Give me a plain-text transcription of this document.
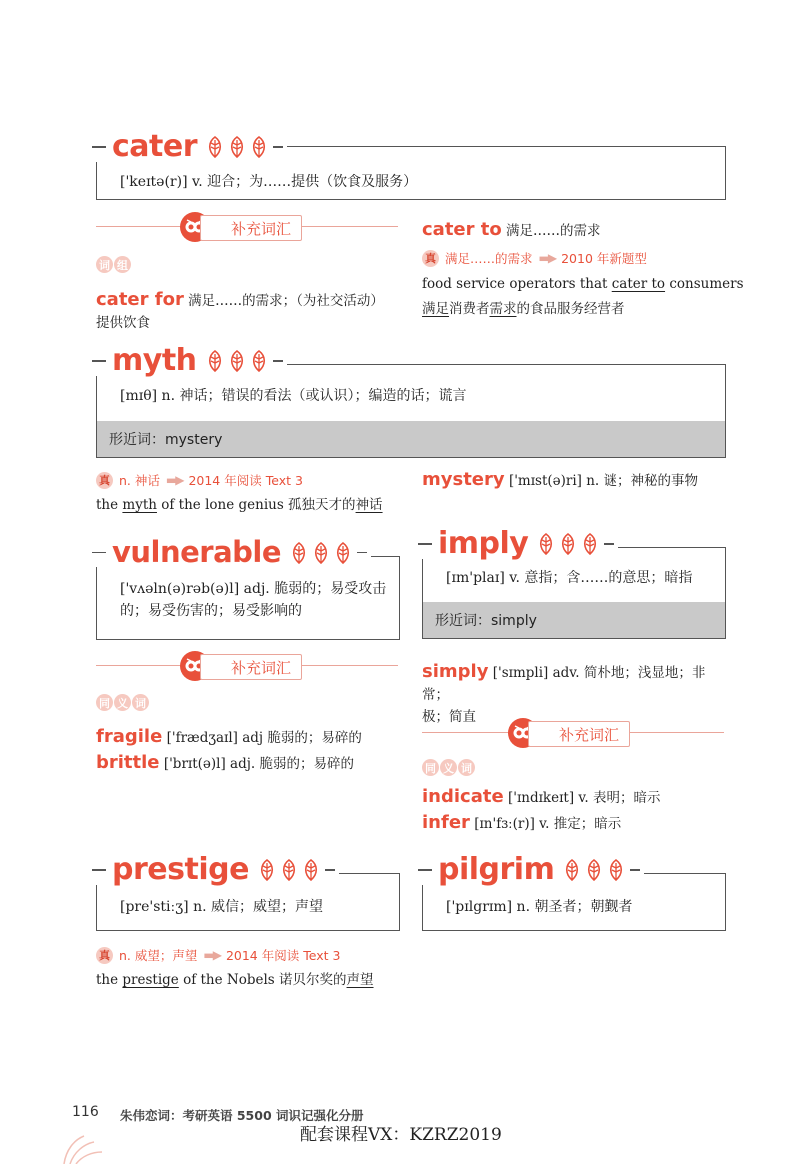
cater
['keɪtə(r)] v. 迎合；为……提供（饮食及服务）
补充词汇
词 组
cater for 满足……的需求；（为社交活动）
提供饮食
cater to 满足……的需求
真 满足……的需求 ▬▶ 2010 年新题型
food service operators that cater to consumers
满足消费者需求的食品服务经营者
形近词：mystery
myth
[mɪθ] n. 神话；错误的看法（或认识）；编造的话；谎言
真 n. 神话 ▬▶ 2014 年阅读 Text 3
the myth of the lone genius 孤独天才的神话
mystery ['mɪst(ə)ri] n. 谜；神秘的事物
vulnerable
['vʌəln(ə)rəb(ə)l] adj. 脆弱的；易受攻击
的；易受伤害的；易受影响的
补充词汇
同 义 词
fragile ['frædʒaɪl] adj 脆弱的；易碎的
brittle ['brɪt(ə)l] adj. 脆弱的；易碎的
形近词：simply
imply
[ɪm'plaɪ] v. 意指；含……的意思；暗指
simply ['sɪmpli] adv. 简朴地；浅显地；非常；
极；简直
补充词汇
同 义 词
indicate ['ɪndɪkeɪt] v. 表明；暗示
infer [ɪn'fɜː(r)] v. 推定；暗示
prestige
[pre'stiːʒ] n. 威信；威望；声望
真 n. 威望；声望 ▬▶ 2014 年阅读 Text 3
the prestige of the Nobels 诺贝尔奖的声望
pilgrim
['pɪlgrɪm] n. 朝圣者；朝觐者
116 朱伟恋词：考研英语 5500 词识记强化分册
配套课程VX：KZRZ2019
